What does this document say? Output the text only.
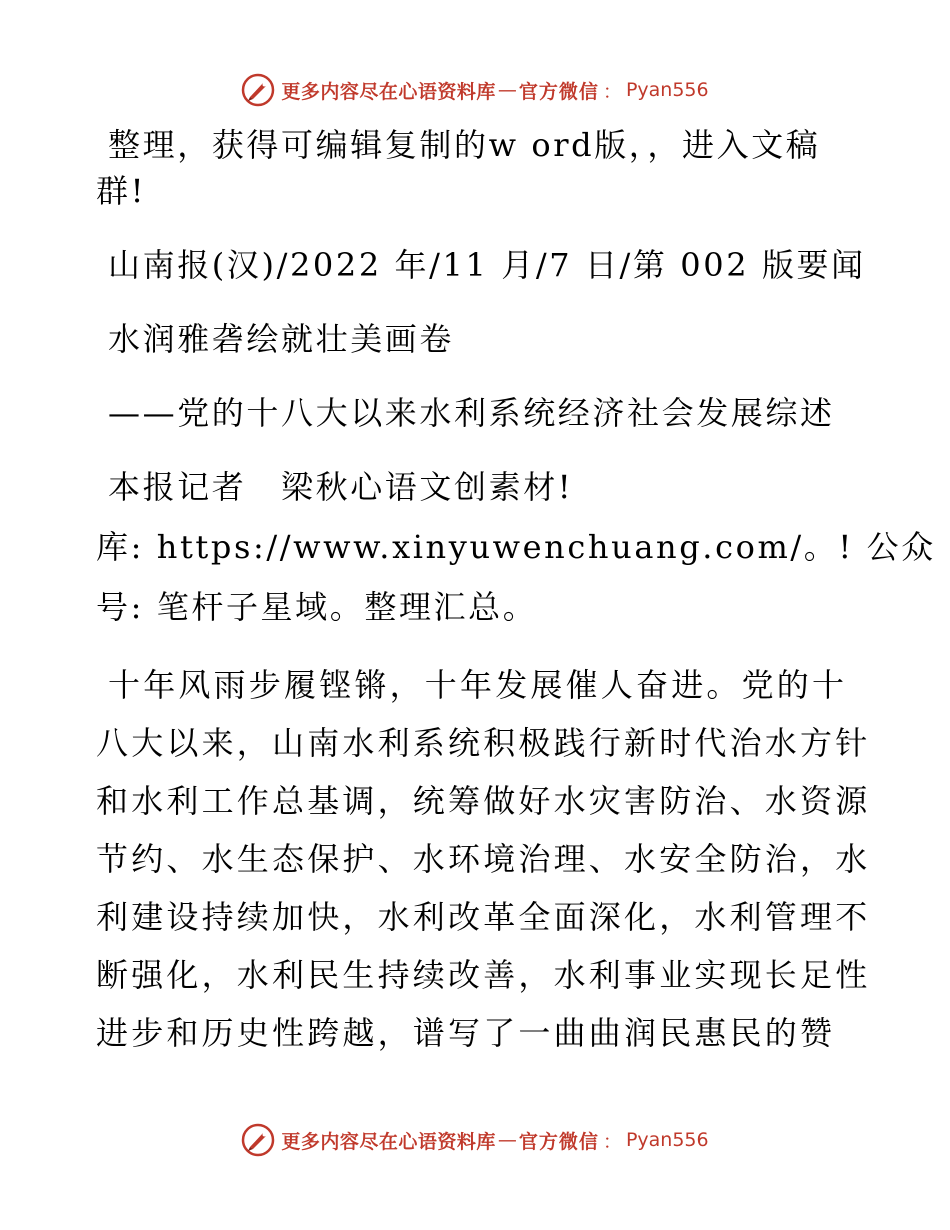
更多内容尽在心语资料库 — 官方微信 ： Pyan556
整理，获得可编辑复制的w ord版，，进入文稿
群!
山南报(汉)/2022 年/11 月/7 日/第 002 版要闻
水润雅砻绘就壮美画卷
——党的十八大以来水利系统经济社会发展综述
本报记者　梁秋心语文创素材!
库: https://www.xinyuwenchuang.com/。! 公众
号: 笔杆子星域。整理汇总。
十年风雨步履铿锵，十年发展催人奋进。党的十
八大以来，山南水利系统积极践行新时代治水方针
和水利工作总基调，统筹做好水灾害防治、水资源
节约、水生态保护、水环境治理、水安全防治，水
利建设持续加快，水利改革全面深化，水利管理不
断强化，水利民生持续改善，水利事业实现长足性
进步和历史性跨越，谱写了一曲曲润民惠民的赞
更多内容尽在心语资料库 — 官方微信 ： Pyan556
